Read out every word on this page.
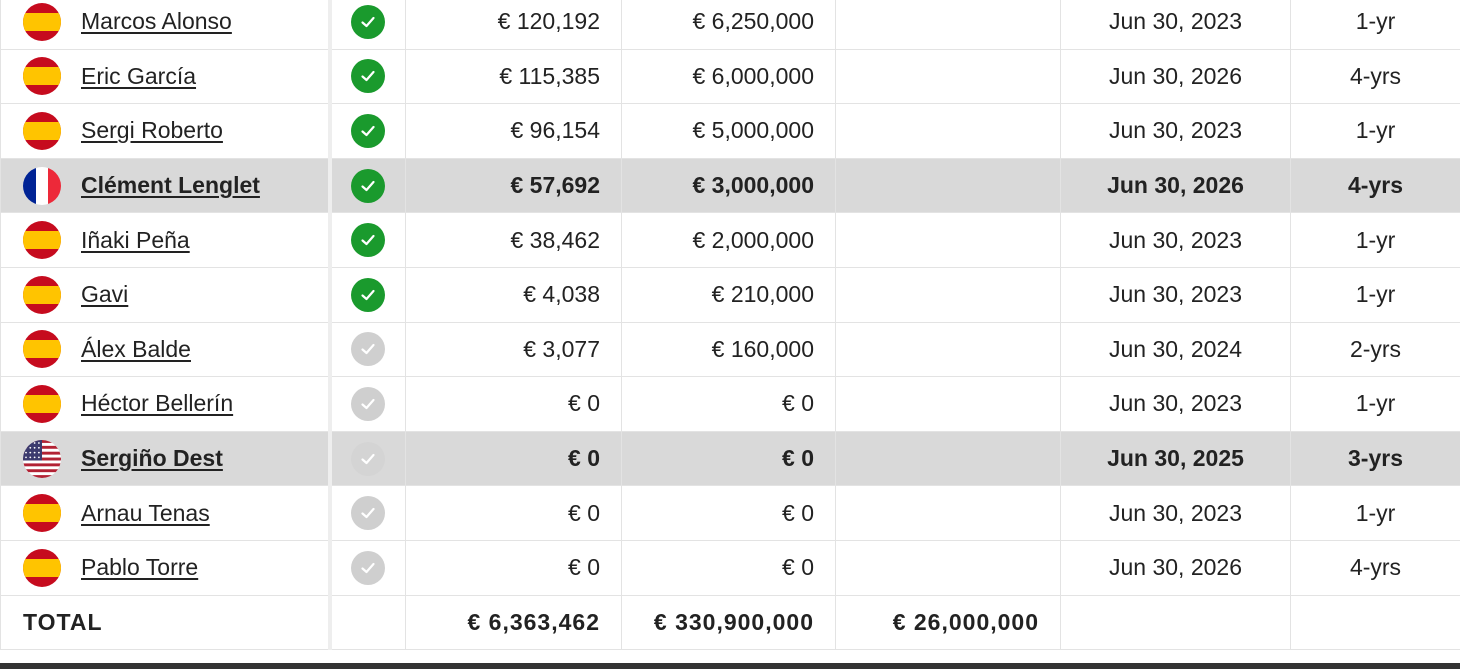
Marcos Alonso		€ 120,192	€ 6,250,000		Jun 30, 2023	1-yr

Eric García		€ 115,385	€ 6,000,000		Jun 30, 2026	4-yrs

Sergi Roberto		€ 96,154	€ 5,000,000		Jun 30, 2023	1-yr

Clément Lenglet		€ 57,692	€ 3,000,000		Jun 30, 2026	4-yrs

Iñaki Peña		€ 38,462	€ 2,000,000		Jun 30, 2023	1-yr

Gavi		€ 4,038	€ 210,000		Jun 30, 2023	1-yr

Álex Balde		€ 3,077	€ 160,000		Jun 30, 2024	2-yrs

Héctor Bellerín		€ 0	€ 0		Jun 30, 2023	1-yr

Sergiño Dest		€ 0	€ 0		Jun 30, 2025	3-yrs

Arnau Tenas		€ 0	€ 0		Jun 30, 2023	1-yr

Pablo Torre		€ 0	€ 0		Jun 30, 2026	4-yrs
TOTAL		€ 6,363,462	€ 330,900,000	€ 26,000,000		
